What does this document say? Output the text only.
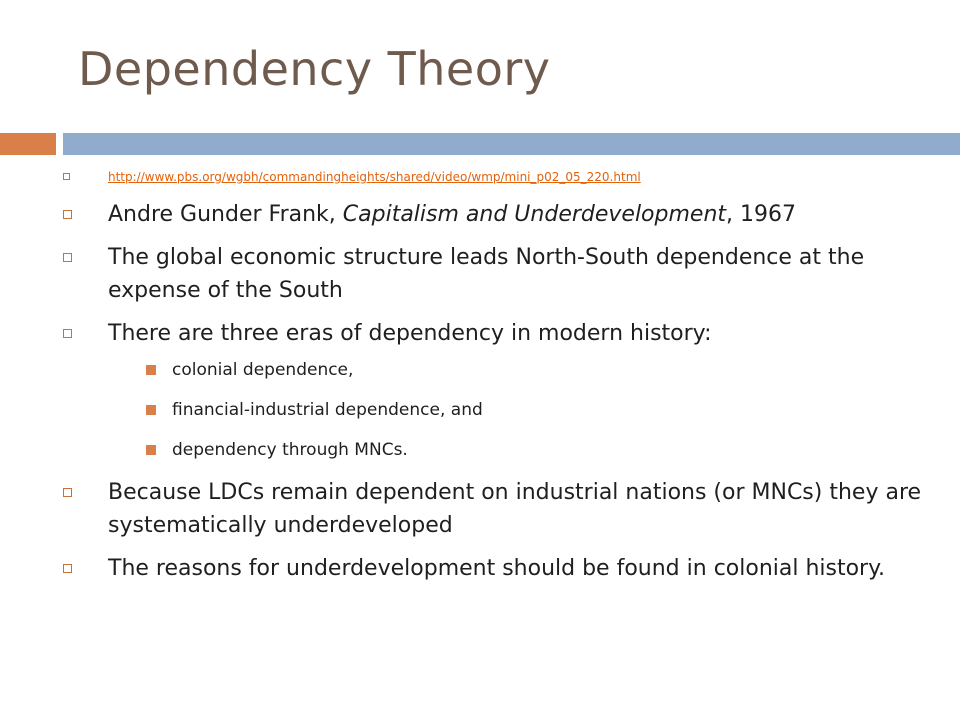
Dependency Theory
http://www.pbs.org/wgbh/commandingheights/shared/video/wmp/mini_p02_05_220.html
Andre Gunder Frank, Capitalism and Underdevelopment, 1967
The global economic structure leads North-South dependence at the expense of the South
There are three eras of dependency in modern history:
colonial dependence,
financial-industrial dependence, and
dependency through MNCs.
Because LDCs remain dependent on industrial nations (or MNCs) they are systematically underdeveloped
The reasons for underdevelopment should be found in colonial history.
